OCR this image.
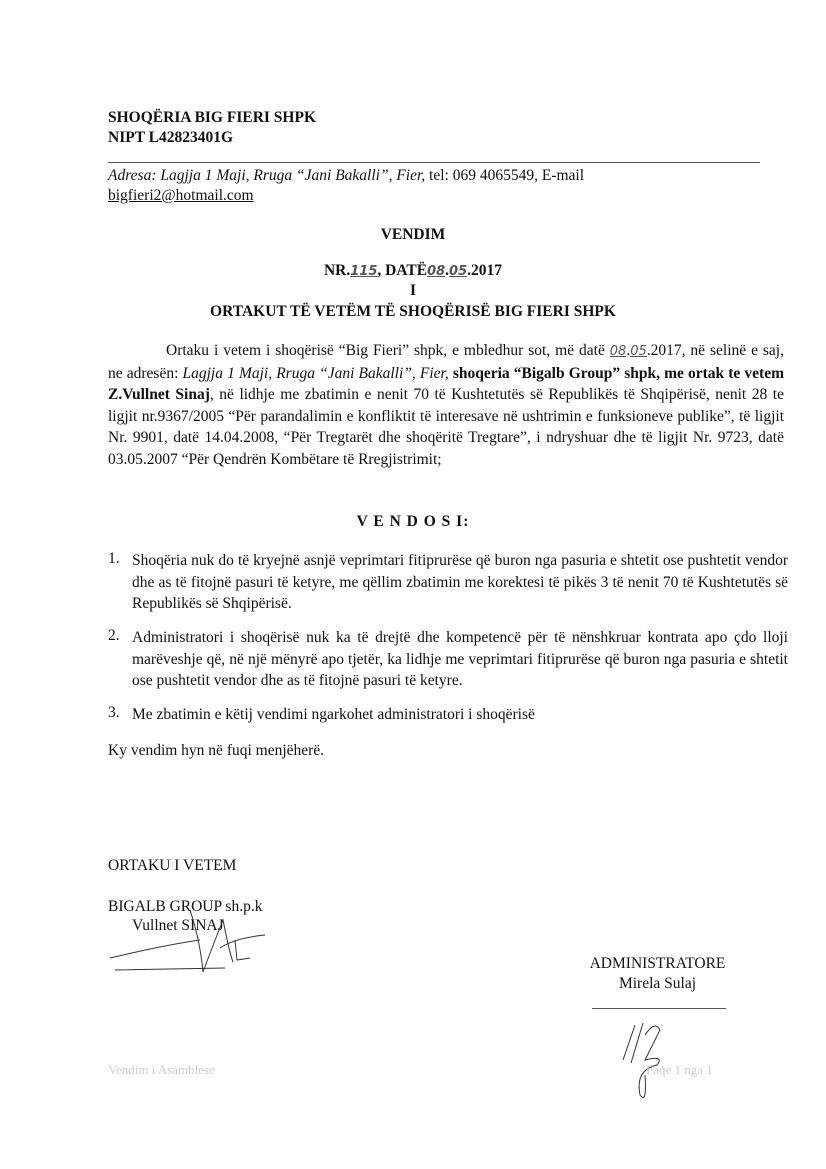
SHOQËRIA BIG FIERI SHPK
NIPT L42823401G
Adresa: Lagjja 1 Maji, Rruga “Jani Bakalli”, Fier, tel: 069 4065549, E-mail
bigfieri2@hotmail.com
VENDIM
NR.115, DATË08.05.2017
I
ORTAKUT TË VETËM TË SHOQËRISË BIG FIERI SHPK
Ortaku i vetem i shoqërisë “Big Fieri” shpk, e mbledhur sot, më datë 08.05.2017, në selinë e saj, ne adresën: Lagjja 1 Maji, Rruga “Jani Bakalli”, Fier, shoqeria “Bigalb Group” shpk, me ortak te vetem Z.Vullnet Sinaj, në lidhje me zbatimin e nenit 70 të Kushtetutës së Republikës të Shqipërisë, nenit 28 te ligjit nr.9367/2005 “Për parandalimin e konfliktit të interesave në ushtrimin e funksioneve publike”, të ligjit Nr. 9901, datë 14.04.2008, “Për Tregtarët dhe shoqëritë Tregtare”, i ndryshuar dhe të ligjit Nr. 9723, datë 03.05.2007 “Për Qendrën Kombëtare të Rregjistrimit;
V E N D O S I:
1. Shoqëria nuk do të kryejnë asnjë veprimtari fitiprurëse që buron nga pasuria e shtetit ose pushtetit vendor dhe as të fitojnë pasuri të ketyre, me qëllim zbatimin me korektesi të pikës 3 të nenit 70 të Kushtetutës së Republikës së Shqipërisë.
2. Administratori i shoqërisë nuk ka të drejtë dhe kompetencë për të nënshkruar kontrata apo çdo lloji marëveshje që, në një mënyrë apo tjetër, ka lidhje me veprimtari fitiprurëse që buron nga pasuria e shtetit ose pushtetit vendor dhe as të fitojnë pasuri të ketyre.
3. Me zbatimin e këtij vendimi ngarkohet administratori i shoqërisë
Ky vendim hyn në fuqi menjëherë.
ORTAKU I VETEM
BIGALB GROUP sh.p.k
Vullnet SINAJ
ADMINISTRATORE
Mirela Sulaj
Vendim i Asamblese	Faqe 1 nga 1
